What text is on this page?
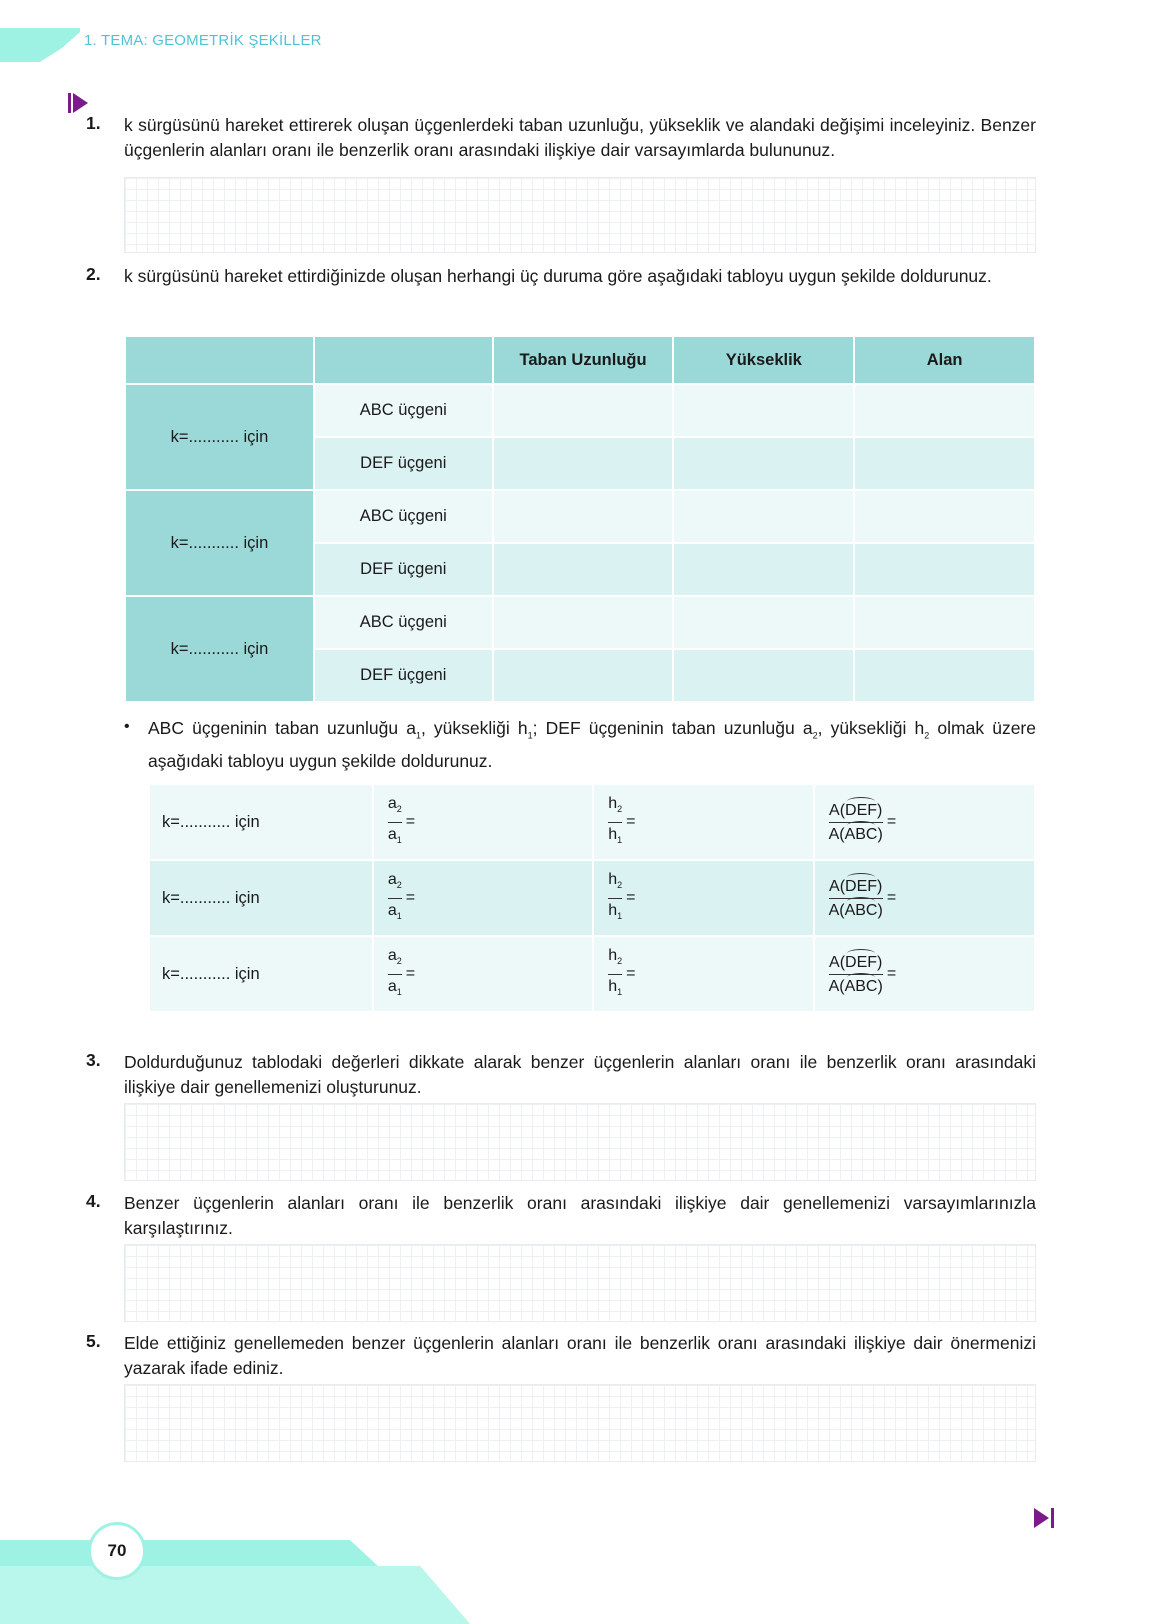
1. TEMA: GEOMETRİK ŞEKİLLER
1. k sürgüsünü hareket ettirerek oluşan üçgenlerdeki taban uzunluğu, yükseklik ve alandaki değişimi inceleyiniz. Benzer üçgenlerin alanları oranı ile benzerlik oranı arasındaki ilişkiye dair varsayımlarda bulununuz.
2. k sürgüsünü hareket ettirdiğinizde oluşan herhangi üç duruma göre aşağıdaki tabloyu uygun şekilde doldurunuz.
		Taban Uzunluğu	Yükseklik	Alan
k=........... için	ABC üçgeni			
	DEF üçgeni			
k=........... için	ABC üçgeni			
	DEF üçgeni			
k=........... için	ABC üçgeni			
	DEF üçgeni			
• ABC üçgeninin taban uzunluğu $a_1$, yüksekliği $h_1$; DEF üçgeninin taban uzunluğu $a_2$, yüksekliği $h_2$ olmak üzere aşağıdaki tabloyu uygun şekilde doldurunuz.
k=........... için	$\frac{a_2}{a_1}$ =	$\frac{h_2}{h_1}$ =	$\frac{\text{A(DEF)}}{\text{A(ABC)}}$ =
k=........... için	$\frac{a_2}{a_1}$ =	$\frac{h_2}{h_1}$ =	$\frac{\text{A(DEF)}}{\text{A(ABC)}}$ =
k=........... için	$\frac{a_2}{a_1}$ =	$\frac{h_2}{h_1}$ =	$\frac{\text{A(DEF)}}{\text{A(ABC)}}$ =
3. Doldurduğunuz tablodaki değerleri dikkate alarak benzer üçgenlerin alanları oranı ile benzerlik oranı arasındaki ilişkiye dair genellemenizi oluşturunuz.
4. Benzer üçgenlerin alanları oranı ile benzerlik oranı arasındaki ilişkiye dair genellemenizi varsayımlarınızla karşılaştırınız.
5. Elde ettiğiniz genellemeden benzer üçgenlerin alanları oranı ile benzerlik oranı arasındaki ilişkiye dair önermenizi yazarak ifade ediniz.
70
